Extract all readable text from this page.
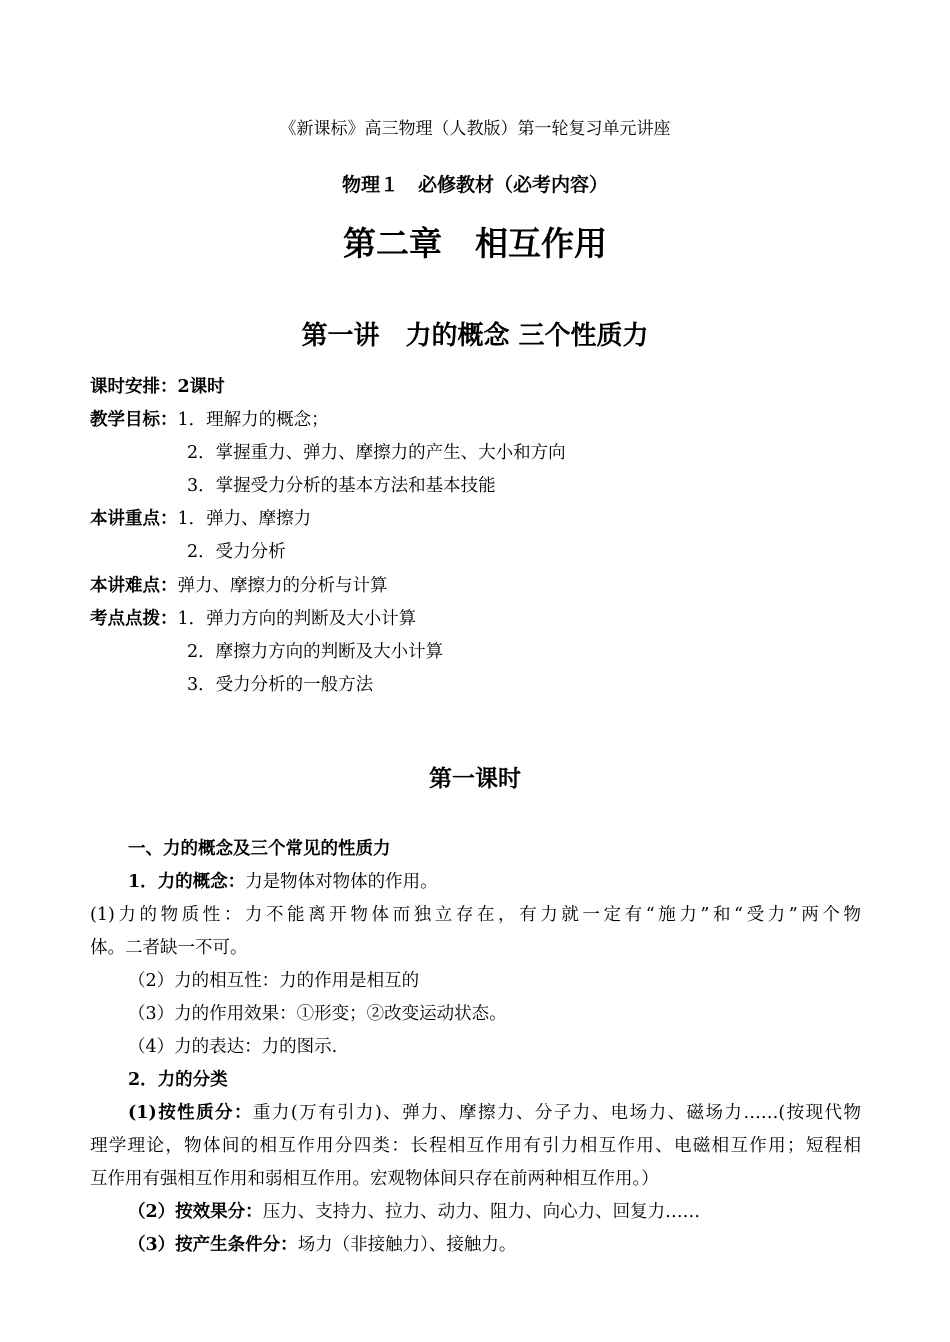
《新课标》高三物理（人教版）第一轮复习单元讲座
物理１　必修教材（必考内容）
第二章　相互作用
第一讲　力的概念 三个性质力
课时安排：2课时
教学目标：1．理解力的概念；
2．掌握重力、弹力、摩擦力的产生、大小和方向
3．掌握受力分析的基本方法和基本技能
本讲重点：1．弹力、摩擦力
2．受力分析
本讲难点：弹力、摩擦力的分析与计算
考点点拨：1．弹力方向的判断及大小计算
2．摩擦力方向的判断及大小计算
3．受力分析的一般方法
第一课时
一、力的概念及三个常见的性质力
1．力的概念：力是物体对物体的作用。
(1)力的物质性：力不能离开物体而独立存在，有力就一定有“施力”和“受力”两个物
体。二者缺一不可。
（2）力的相互性：力的作用是相互的
（3）力的作用效果：①形变；②改变运动状态。
（4）力的表达：力的图示.
2．力的分类
(1)按性质分：重力(万有引力)、弹力、摩擦力、分子力、电场力、磁场力……(按现代物
理学理论，物体间的相互作用分四类：长程相互作用有引力相互作用、电磁相互作用；短程相
互作用有强相互作用和弱相互作用。宏观物体间只存在前两种相互作用。）
（2）按效果分：压力、支持力、拉力、动力、阻力、向心力、回复力……
（3）按产生条件分：场力（非接触力）、接触力。
